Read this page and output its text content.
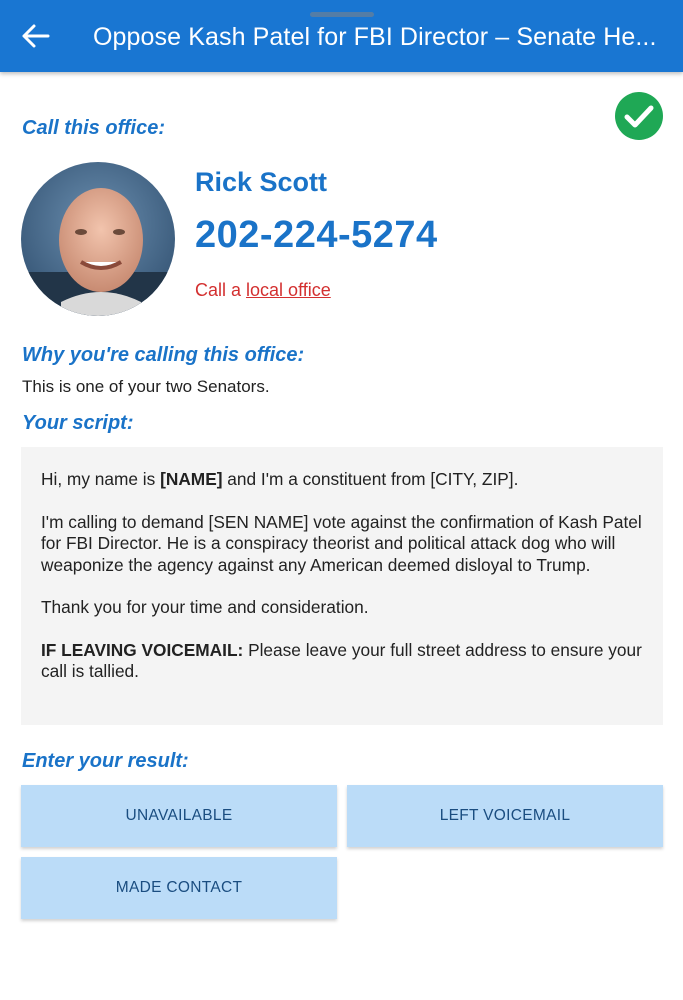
Oppose Kash Patel for FBI Director – Senate He...
Call this office:
Rick Scott
202-224-5274
Call a local office
Why you're calling this office:
This is one of your two Senators.
Your script:

Hi, my name is [NAME] and I'm a constituent from [CITY, ZIP].

I'm calling to demand [SEN NAME] vote against the confirmation of Kash Patel for FBI Director. He is a conspiracy theorist and political attack dog who will weaponize the agency against any American deemed disloyal to Trump.

Thank you for your time and consideration.

IF LEAVING VOICEMAIL: Please leave your full street address to ensure your call is tallied.

Enter your result:
UNAVAILABLE	LEFT VOICEMAIL
MADE CONTACT
